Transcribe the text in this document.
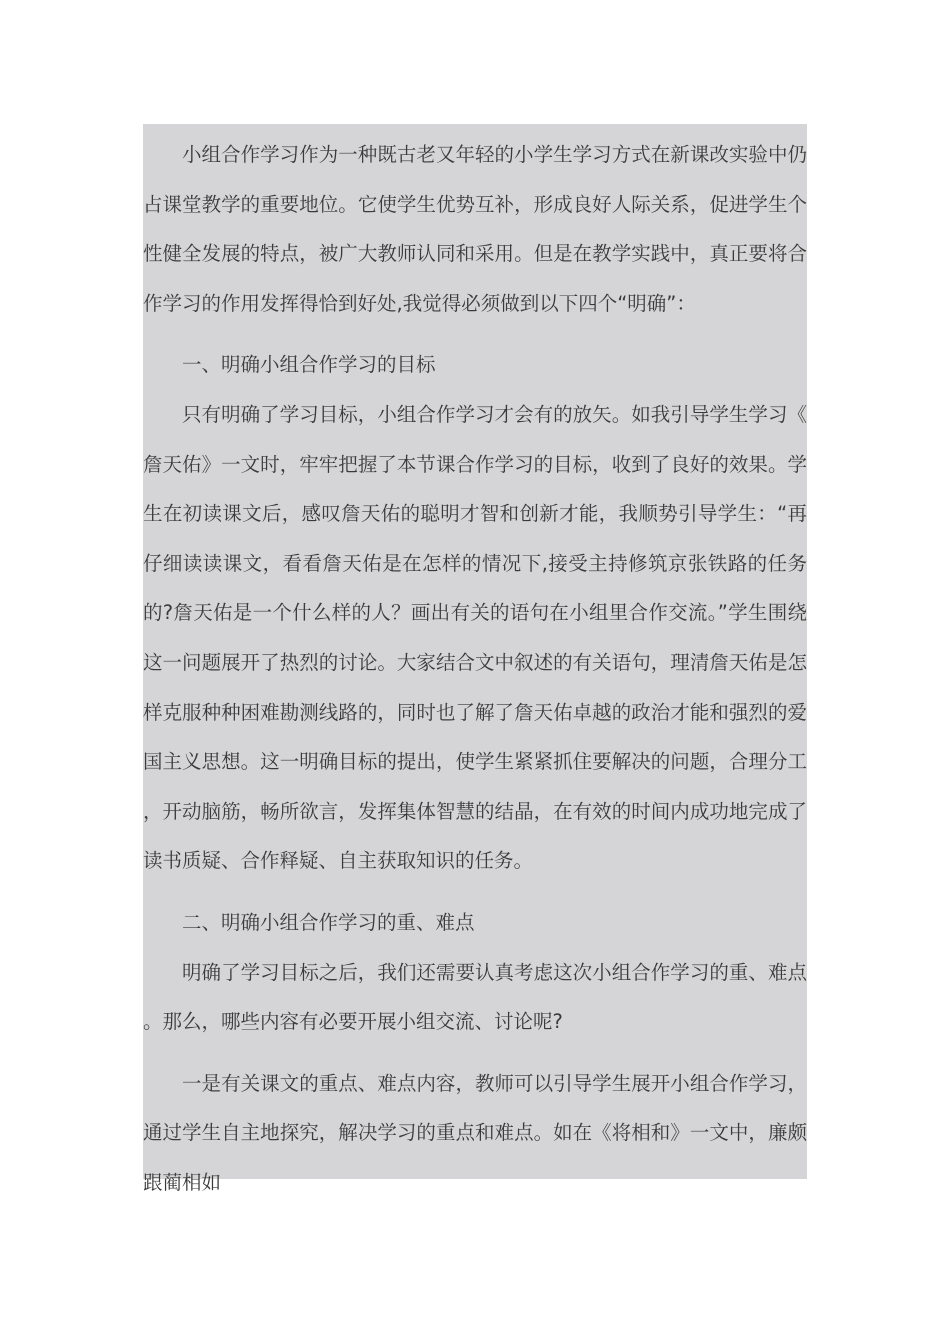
小组合作学习作为一种既古老又年轻的小学生学习方式在新课改实验中仍占课堂教学的重要地位。它使学生优势互补，形成良好人际关系，促进学生个性健全发展的特点，被广大教师认同和采用。但是在教学实践中，真正要将合作学习的作用发挥得恰到好处,我觉得必须做到以下四个“明确”：

一、明确小组合作学习的目标

只有明确了学习目标，小组合作学习才会有的放矢。如我引导学生学习《詹天佑》一文时，牢牢把握了本节课合作学习的目标，收到了良好的效果。学生在初读课文后，感叹詹天佑的聪明才智和创新才能，我顺势引导学生：“再仔细读读课文，看看詹天佑是在怎样的情况下,接受主持修筑京张铁路的任务的?詹天佑是一个什么样的人？画出有关的语句在小组里合作交流。”学生围绕这一问题展开了热烈的讨论。大家结合文中叙述的有关语句，理清詹天佑是怎样克服种种困难勘测线路的，同时也了解了詹天佑卓越的政治才能和强烈的爱国主义思想。这一明确目标的提出，使学生紧紧抓住要解决的问题，合理分工，开动脑筋，畅所欲言，发挥集体智慧的结晶，在有效的时间内成功地完成了读书质疑、合作释疑、自主获取知识的任务。

二、明确小组合作学习的重、难点

明确了学习目标之后，我们还需要认真考虑这次小组合作学习的重、难点。那么，哪些内容有必要开展小组交流、讨论呢?

一是有关课文的重点、难点内容，教师可以引导学生展开小组合作学习，通过学生自主地探究，解决学习的重点和难点。如在《将相和》一文中，廉颇跟蔺相如
